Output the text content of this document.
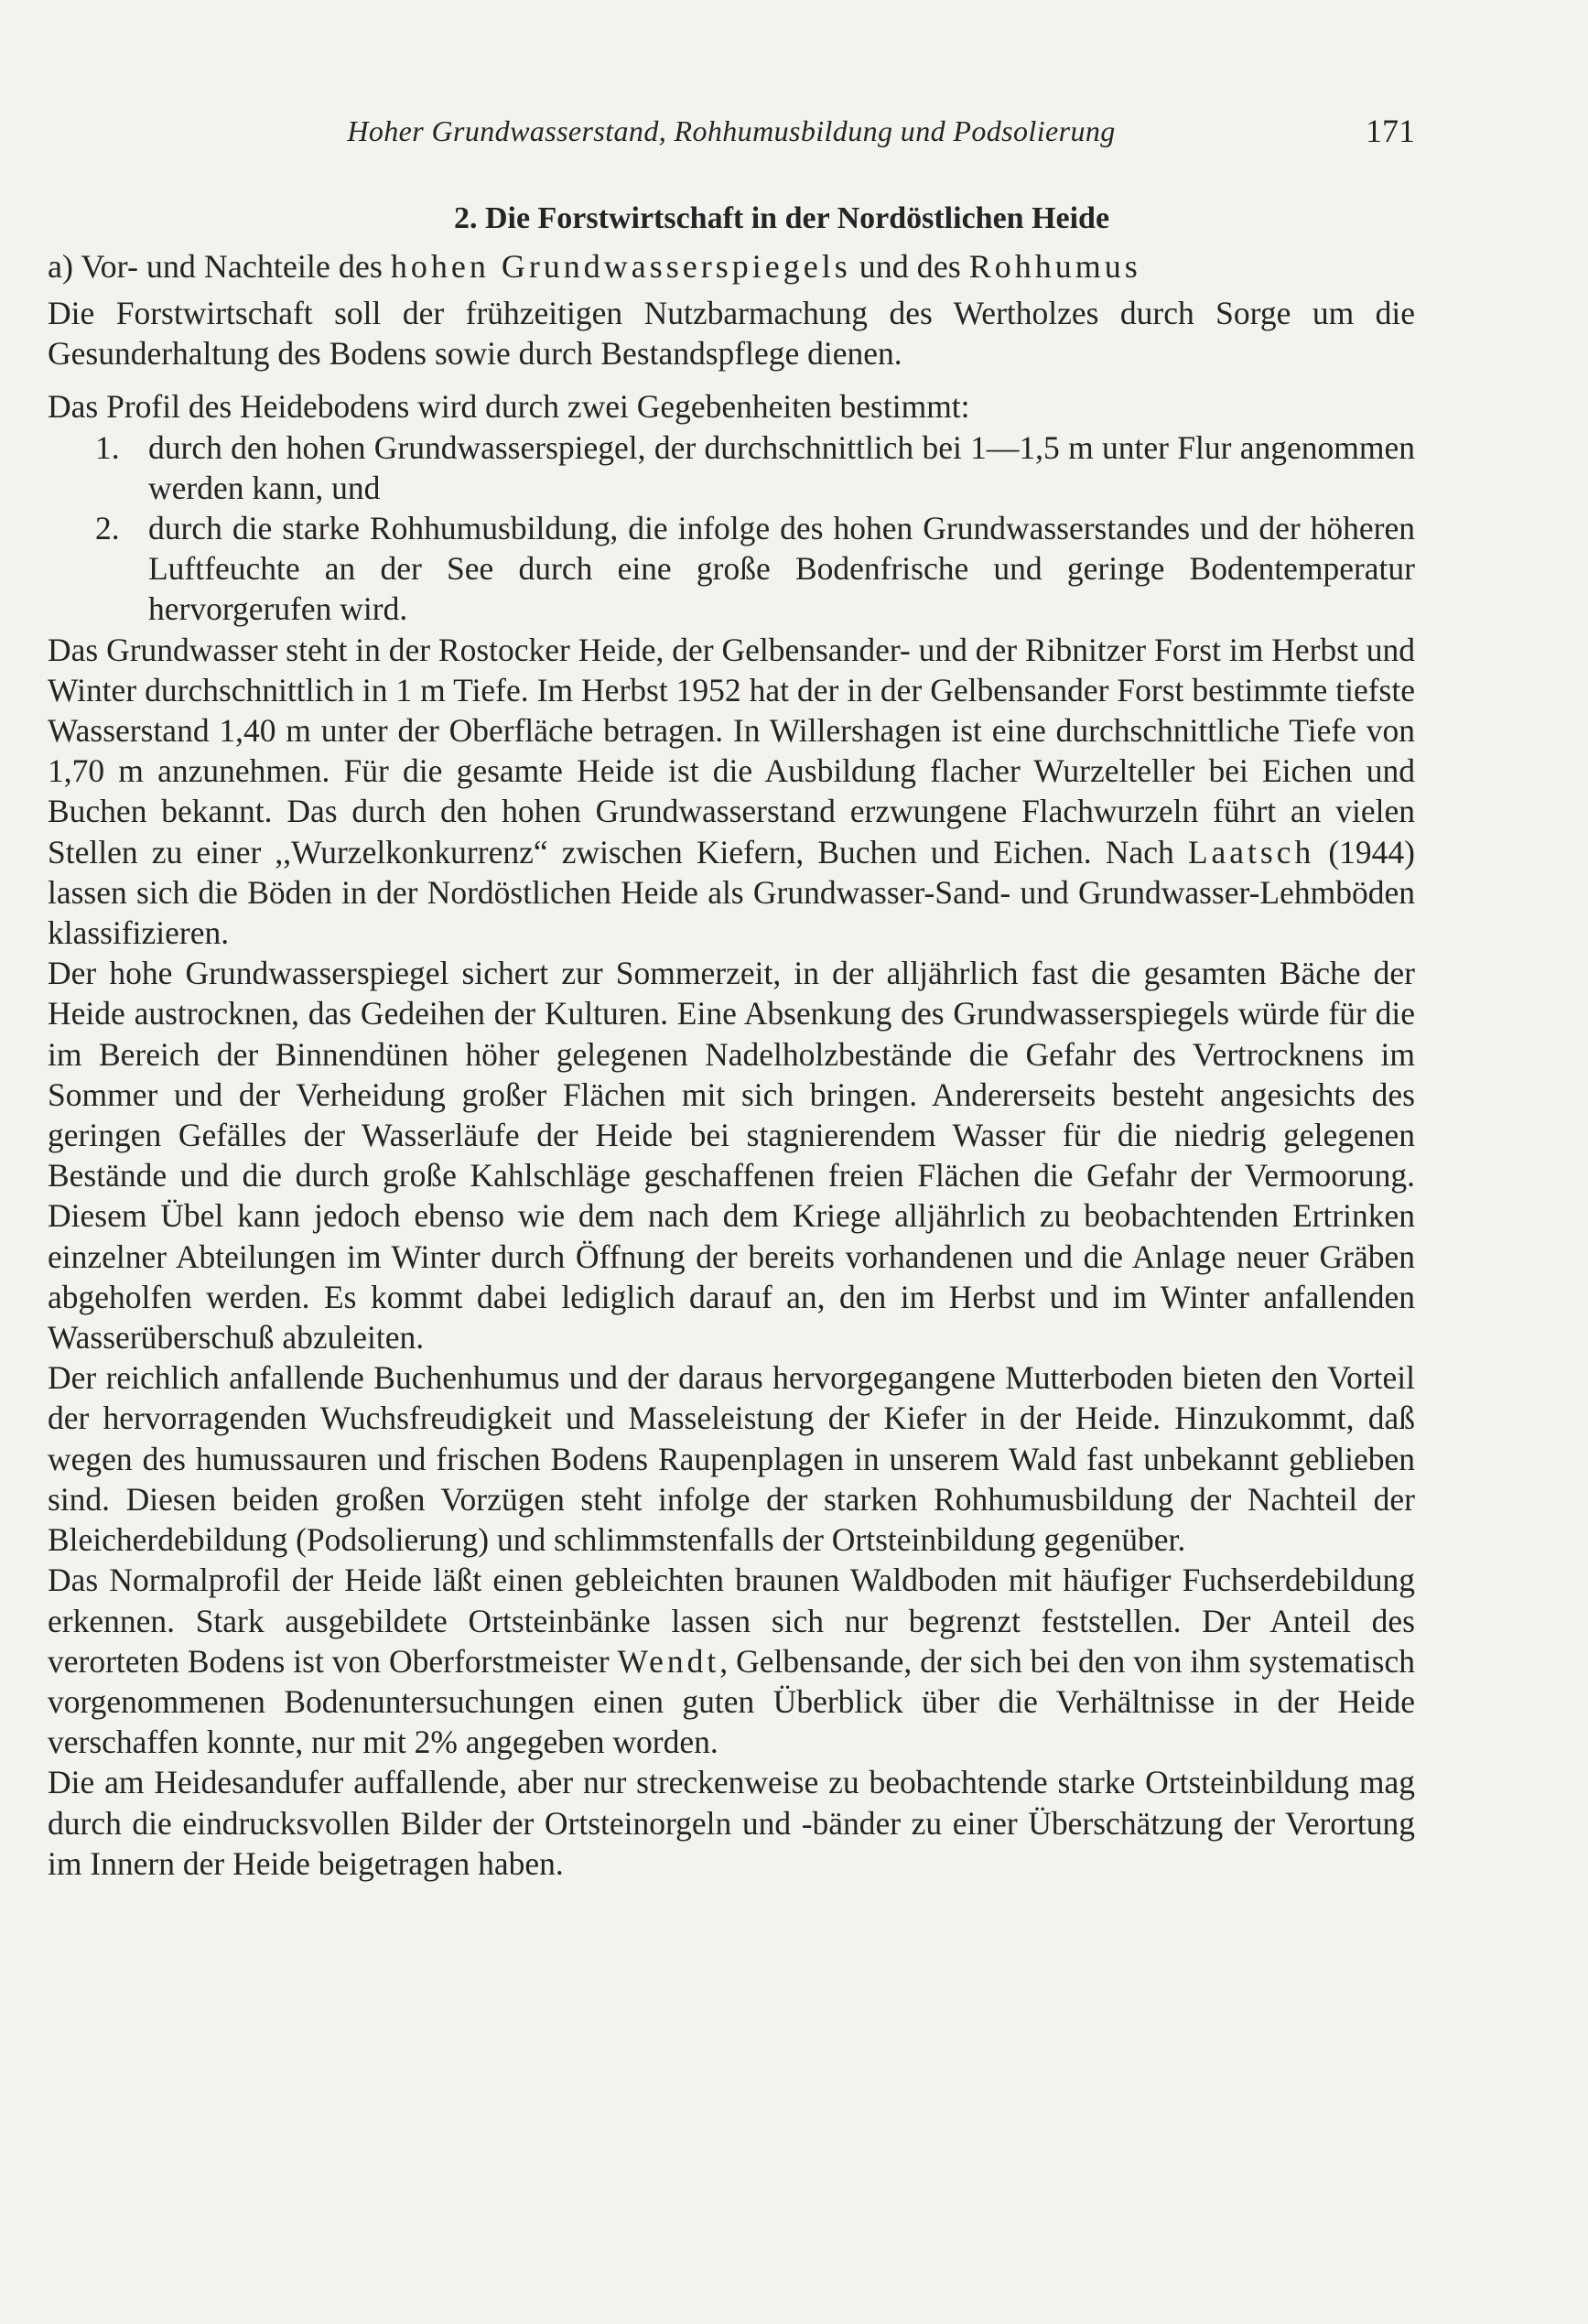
Hoher Grundwasserstand, Rohhumusbildung und Podsolierung	171
2. Die Forstwirtschaft in der Nordöstlichen Heide
a) Vor- und Nachteile des hohen Grundwasserspiegels und des Rohhumus

Die Forstwirtschaft soll der frühzeitigen Nutzbarmachung des Wertholzes durch Sorge um die Gesunderhaltung des Bodens sowie durch Bestandspflege dienen.

Das Profil des Heidebodens wird durch zwei Gegebenheiten bestimmt:

1. durch den hohen Grundwasserspiegel, der durchschnittlich bei 1—1,5 m unter Flur angenommen werden kann, und
2. durch die starke Rohhumusbildung, die infolge des hohen Grundwasserstandes und der höheren Luftfeuchte an der See durch eine große Bodenfrische und geringe Bodentemperatur hervorgerufen wird.

Das Grundwasser steht in der Rostocker Heide, der Gelbensander- und der Ribnitzer Forst im Herbst und Winter durchschnittlich in 1 m Tiefe. Im Herbst 1952 hat der in der Gelbensander Forst bestimmte tiefste Wasserstand 1,40 m unter der Oberfläche betragen. In Willershagen ist eine durchschnittliche Tiefe von 1,70 m anzunehmen. Für die gesamte Heide ist die Ausbildung flacher Wurzelteller bei Eichen und Buchen bekannt. Das durch den hohen Grundwasserstand erzwungene Flachwurzeln führt an vielen Stellen zu einer ,,Wurzelkonkurrenz“ zwischen Kiefern, Buchen und Eichen. Nach Laatsch (1944) lassen sich die Böden in der Nordöstlichen Heide als Grundwasser-Sand- und Grundwasser-Lehmböden klassifizieren.

Der hohe Grundwasserspiegel sichert zur Sommerzeit, in der alljährlich fast die gesamten Bäche der Heide austrocknen, das Gedeihen der Kulturen. Eine Absenkung des Grundwasserspiegels würde für die im Bereich der Binnendünen höher gelegenen Nadelholzbestände die Gefahr des Vertrocknens im Sommer und der Verheidung großer Flächen mit sich bringen. Andererseits besteht angesichts des geringen Gefälles der Wasserläufe der Heide bei stagnierendem Wasser für die niedrig gelegenen Bestände und die durch große Kahlschläge geschaffenen freien Flächen die Gefahr der Vermoorung. Diesem Übel kann jedoch ebenso wie dem nach dem Kriege alljährlich zu beobachtenden Ertrinken einzelner Abteilungen im Winter durch Öffnung der bereits vorhandenen und die Anlage neuer Gräben abgeholfen werden. Es kommt dabei lediglich darauf an, den im Herbst und im Winter anfallenden Wasserüberschuß abzuleiten.

Der reichlich anfallende Buchenhumus und der daraus hervorgegangene Mutterboden bieten den Vorteil der hervorragenden Wuchsfreudigkeit und Masseleistung der Kiefer in der Heide. Hinzukommt, daß wegen des humussauren und frischen Bodens Raupenplagen in unserem Wald fast unbekannt geblieben sind. Diesen beiden großen Vorzügen steht infolge der starken Rohhumusbildung der Nachteil der Bleicherdebildung (Podsolierung) und schlimmstenfalls der Ortsteinbildung gegenüber.

Das Normalprofil der Heide läßt einen gebleichten braunen Waldboden mit häufiger Fuchserdebildung erkennen. Stark ausgebildete Ortsteinbänke lassen sich nur begrenzt feststellen. Der Anteil des verorteten Bodens ist von Oberforstmeister Wendt, Gelbensande, der sich bei den von ihm systematisch vorgenommenen Bodenuntersuchungen einen guten Überblick über die Verhältnisse in der Heide verschaffen konnte, nur mit 2% angegeben worden.

Die am Heidesandufer auffallende, aber nur streckenweise zu beobachtende starke Ortsteinbildung mag durch die eindrucksvollen Bilder der Ortsteinorgeln und -bänder zu einer Überschätzung der Verortung im Innern der Heide beigetragen haben.
